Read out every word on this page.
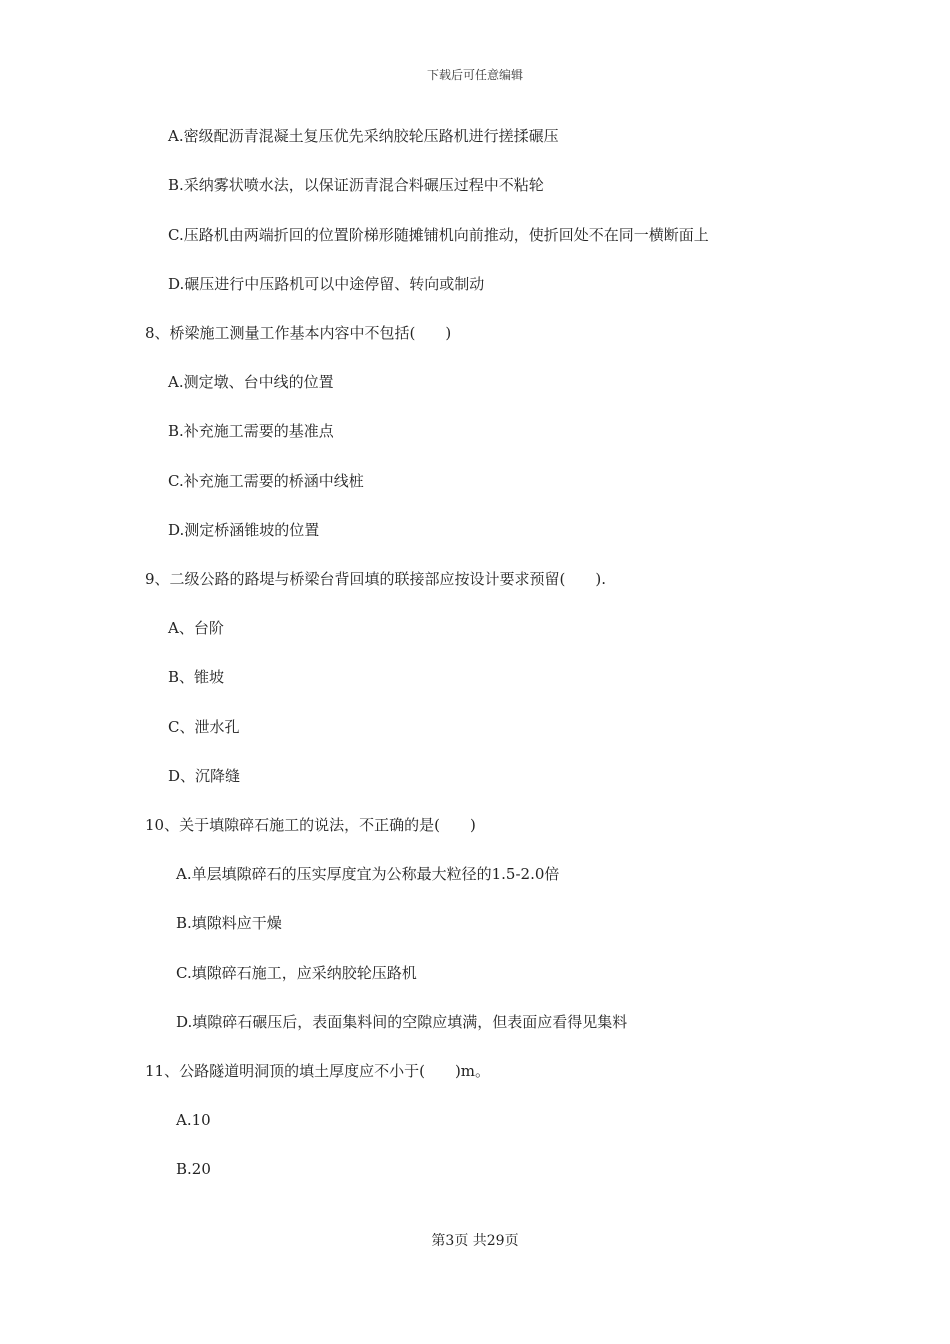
下载后可任意编辑
A.密级配沥青混凝土复压优先采纳胶轮压路机进行搓揉碾压
B.采纳雾状喷水法，以保证沥青混合料碾压过程中不粘轮
C.压路机由两端折回的位置阶梯形随摊铺机向前推动，使折回处不在同一横断面上
D.碾压进行中压路机可以中途停留、转向或制动
8、桥梁施工测量工作基本内容中不包括(　　)
A.测定墩、台中线的位置
B.补充施工需要的基准点
C.补充施工需要的桥涵中线桩
D.测定桥涵锥坡的位置
9、二级公路的路堤与桥梁台背回填的联接部应按设计要求预留(　　).
A、台阶
B、锥坡
C、泄水孔
D、沉降缝
10、关于填隙碎石施工的说法，不正确的是(　　)
A.单层填隙碎石的压实厚度宜为公称最大粒径的1.5-2.0倍
B.填隙料应干燥
C.填隙碎石施工，应采纳胶轮压路机
D.填隙碎石碾压后，表面集料间的空隙应填满，但表面应看得见集料
11、公路隧道明洞顶的填土厚度应不小于(　　)m。
A.10
B.20
第3页 共29页
